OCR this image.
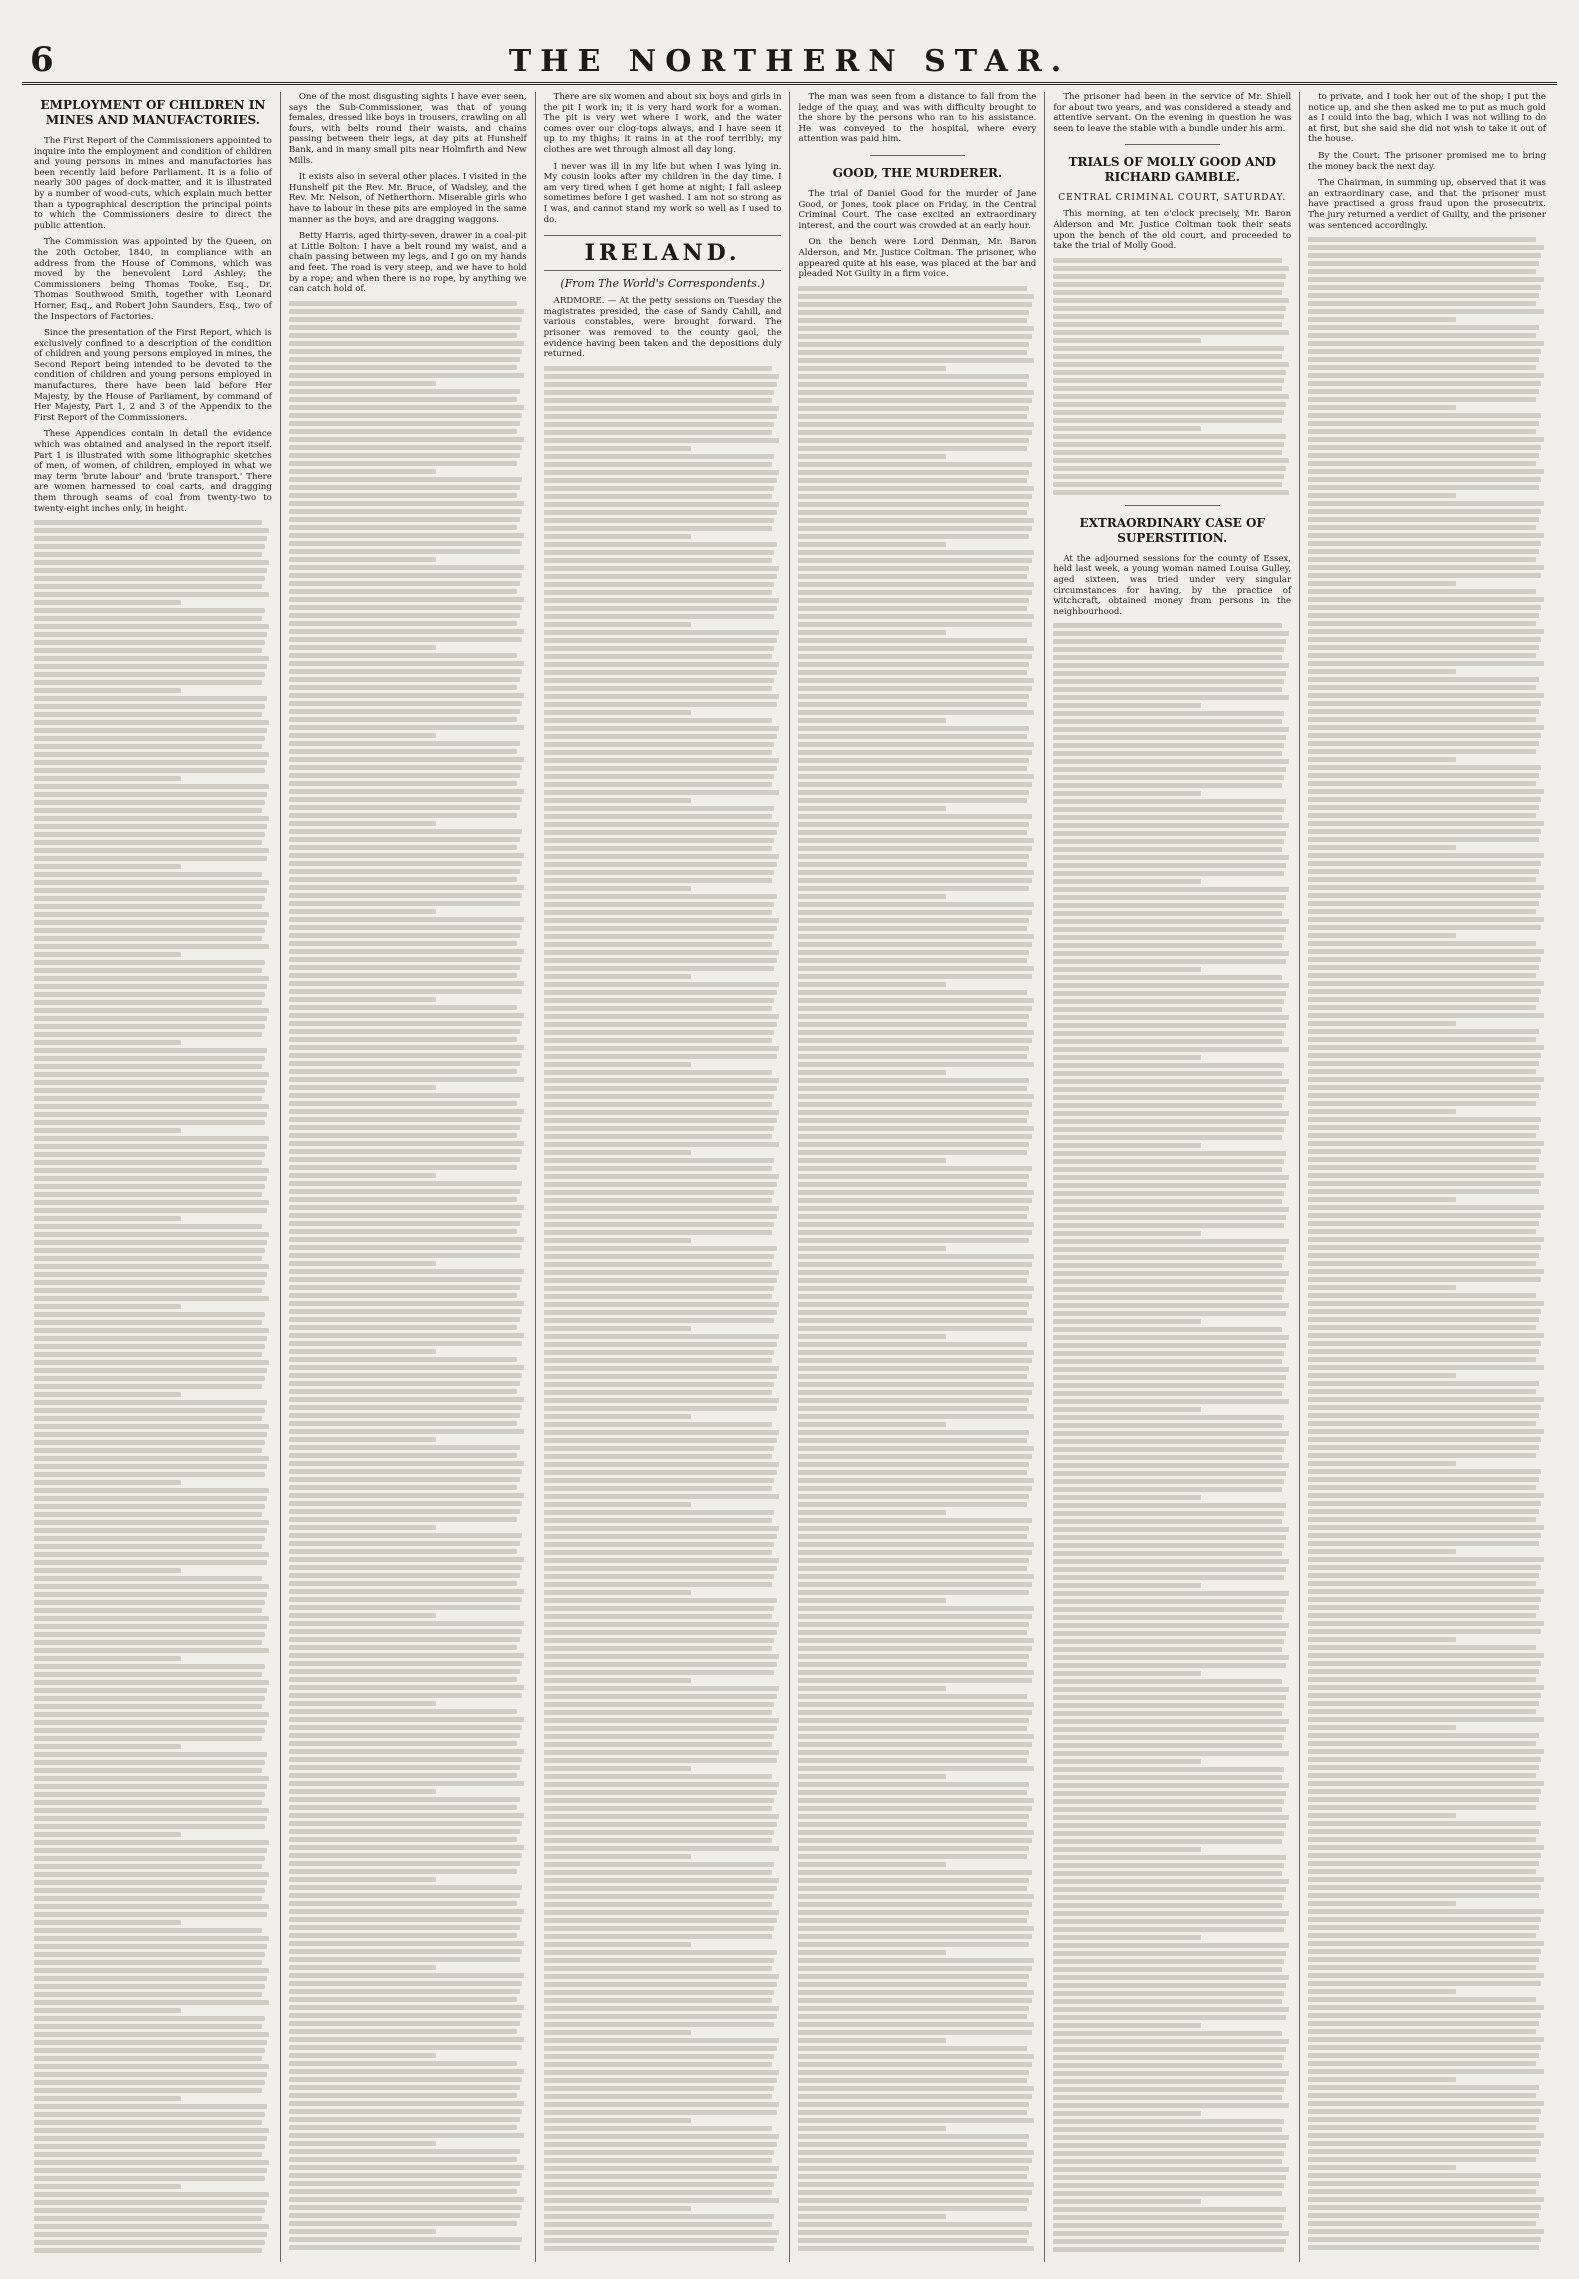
6	THE NORTHERN STAR.
EMPLOYMENT OF CHILDREN IN MINES AND MANUFACTORIES.

The First Report of the Commissioners appointed to inquire into the employment and condition of children and young persons in mines and manufactories has been recently laid before Parliament. It is a folio of nearly 300 pages of dock-matter, and it is illustrated by a number of wood-cuts, which explain much better than a typographical description the principal points to which the Commissioners desire to direct the public attention.

The Commission was appointed by the Queen, on the 20th October, 1840, in compliance with an address from the House of Commons, which was moved by the benevolent Lord Ashley; the Commissioners being Thomas Tooke, Esq., Dr. Thomas Southwood Smith, together with Leonard Horner, Esq., and Robert John Saunders, Esq., two of the Inspectors of Factories.

Since the presentation of the First Report, which is exclusively confined to a description of the condition of children and young persons employed in mines, the Second Report being intended to be devoted to the condition of children and young persons employed in manufactures, there have been laid before Her Majesty, by the House of Parliament, by command of Her Majesty, Part 1, 2 and 3 of the Appendix to the First Report of the Commissioners.

These Appendices contain in detail the evidence which was obtained and analysed in the report itself. Part 1 is illustrated with some lithographic sketches of men, of women, of children, employed in what we may term 'brute labour' and 'brute transport.' There are women harnessed to coal carts, and dragging them through seams of coal from twenty-two to twenty-eight inches only, in height.

One of the most disgusting sights I have ever seen, says the Sub-Commissioner, was that of young females, dressed like boys in trousers, crawling on all fours, with belts round their waists, and chains passing between their legs, at day pits at Hunshelf Bank, and in many small pits near Holmfirth and New Mills.

It exists also in several other places. I visited in the Hunshelf pit the Rev. Mr. Bruce, of Wadsley, and the Rev. Mr. Nelson, of Netherthorn. Miserable girls who have to labour in these pits are employed in the same manner as the boys, and are dragging waggons.

Betty Harris, aged thirty-seven, drawer in a coal-pit at Little Bolton: I have a belt round my waist, and a chain passing between my legs, and I go on my hands and feet. The road is very steep, and we have to hold by a rope; and when there is no rope, by anything we can catch hold of.

There are six women and about six boys and girls in the pit I work in; it is very hard work for a woman. The pit is very wet where I work, and the water comes over our clog-tops always, and I have seen it up to my thighs; it rains in at the roof terribly; my clothes are wet through almost all day long.

I never was ill in my life but when I was lying in. My cousin looks after my children in the day time. I am very tired when I get home at night; I fall asleep sometimes before I get washed. I am not so strong as I was, and cannot stand my work so well as I used to do.

IRELAND.
(From The World's Correspondents.)

ARDMORE. — At the petty sessions on Tuesday the magistrates presided, the case of Sandy Cahill, and various constables, were brought forward. The prisoner was removed to the county gaol, the evidence having been taken and the depositions duly returned.

The man was seen from a distance to fall from the ledge of the quay, and was with difficulty brought to the shore by the persons who ran to his assistance. He was conveyed to the hospital, where every attention was paid him.

GOOD, THE MURDERER.

The trial of Daniel Good for the murder of Jane Good, or Jones, took place on Friday, in the Central Criminal Court. The case excited an extraordinary interest, and the court was crowded at an early hour.

On the bench were Lord Denman, Mr. Baron Alderson, and Mr. Justice Coltman. The prisoner, who appeared quite at his ease, was placed at the bar and pleaded Not Guilty in a firm voice.

The prisoner had been in the service of Mr. Shiell for about two years, and was considered a steady and attentive servant. On the evening in question he was seen to leave the stable with a bundle under his arm.

TRIALS OF MOLLY GOOD AND RICHARD GAMBLE.
CENTRAL CRIMINAL COURT, SATURDAY.

This morning, at ten o'clock precisely, Mr. Baron Alderson and Mr. Justice Coltman took their seats upon the bench of the old court, and proceeded to take the trial of Molly Good.

EXTRAORDINARY CASE OF SUPERSTITION.

At the adjourned sessions for the county of Essex, held last week, a young woman named Louisa Gulley, aged sixteen, was tried under very singular circumstances for having, by the practice of witchcraft, obtained money from persons in the neighbourhood.

to private, and I took her out of the shop; I put the notice up, and she then asked me to put as much gold as I could into the bag, which I was not willing to do at first, but she said she did not wish to take it out of the house.

By the Court: The prisoner promised me to bring the money back the next day.

The Chairman, in summing up, observed that it was an extraordinary case, and that the prisoner must have practised a gross fraud upon the prosecutrix. The jury returned a verdict of Guilty, and the prisoner was sentenced accordingly.
